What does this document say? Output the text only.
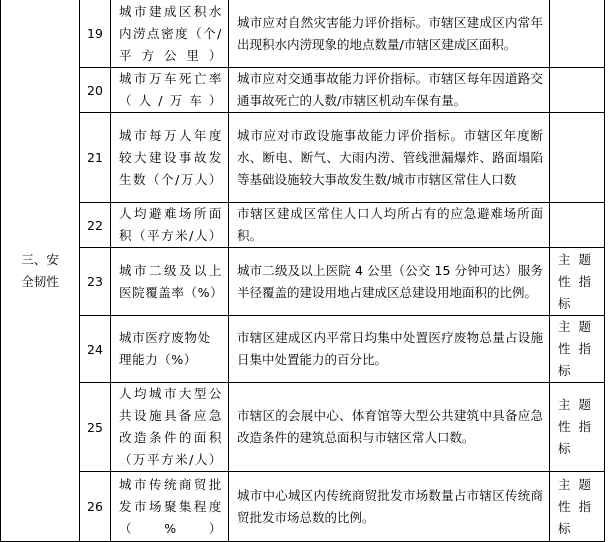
三、安全韧性	19	城市建成区积水内涝点密度（个/平方公里）	城市应对自然灾害能力评价指标。市辖区建成区内常年出现积水内涝现象的地点数量/市辖区建成区面积。	

	20	城市万车死亡率（人/万车）	城市应对交通事故能力评价指标。市辖区每年因道路交通事故死亡的人数/市辖区机动车保有量。	

	21	城市每万人年度较大建设事故发生数（个/万人）	城市应对市政设施事故能力评价指标。市辖区年度断水、断电、断气、大雨内涝、管线泄漏爆炸、路面塌陷等基础设施较大事故发生数/城市市辖区常住人口数	

	22	人均避难场所面积（平方米/人）	市辖区建成区常住人口人均所占有的应急避难场所面积。	

	23	城市二级及以上医院覆盖率（%）	城市二级及以上医院 4 公里（公交 15 分钟可达）服务半径覆盖的建设用地占建成区总建设用地面积的比例。	主  题
性  指
标

	24	城市医疗废物处理能力（%）	市辖区建成区内平常日均集中处置医疗废物总量占设施日集中处置能力的百分比。	主  题
性  指
标

	25	人均城市大型公共设施具备应急改造条件的面积（万平方米/人）	市辖区的会展中心、体育馆等大型公共建筑中具备应急改造条件的建筑总面积与市辖区常人口数。	主  题
性  指
标

	26	城市传统商贸批发市场聚集程度（%）	城市中心城区内传统商贸批发市场数量占市辖区传统商贸批发市场总数的比例。	主  题
性  指
标
